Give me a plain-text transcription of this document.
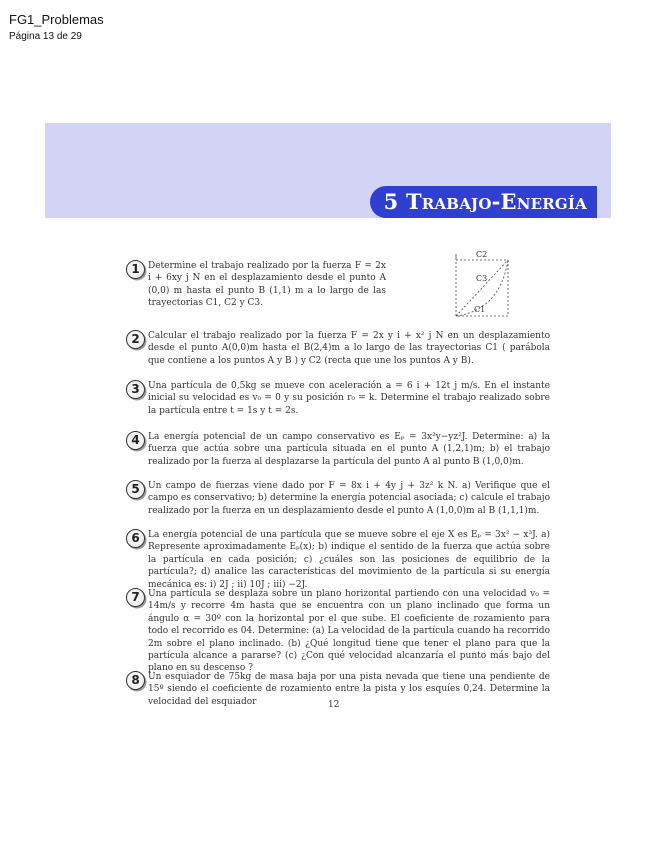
FG1_Problemas
Página 13 de 29
5 Trabajo-Energía
C2
C3
C1
1 Determine el trabajo realizado por la fuerza F = 2x i + 6xy j N en el desplazamiento desde el punto A (0,0) m hasta el punto B (1,1) m a lo largo de las trayectorias C1, C2 y C3.
2 Calcular el trabajo realizado por la fuerza F = 2x y i + x² j N en un desplazamiento desde el punto A(0,0)m hasta el B(2,4)m a lo largo de las trayectorias C1 ( parábola que contiene a los puntos A y B ) y C2 (recta que une los puntos A y B).
3 Una partícula de 0,5kg se mueve con aceleración a = 6 i + 12t j m/s. En el instante inicial su velocidad es v₀ = 0 y su posición r₀ = k. Determine el trabajo realizado sobre la partícula entre t = 1s y t = 2s.
4 La energía potencial de un campo conservativo es Eₚ = 3x²y−yz²J. Determine: a) la fuerza que actúa sobre una partícula situada en el punto A (1,2,1)m; b) el trabajo realizado por la fuerza al desplazarse la partícula del punto A al punto B (1,0,0)m.
5 Un campo de fuerzas viene dado por F = 8x i + 4y j + 3z² k N. a) Verifique que el campo es conservativo; b) determine la energía potencial asociada; c) calcule el trabajo realizado por la fuerza en un desplazamiento desde el punto A (1,0,0)m al B (1,1,1)m.
6 La energía potencial de una partícula que se mueve sobre el eje X es Eₚ = 3x² − x³J. a) Represente aproximadamente Eₚ(x); b) indique el sentido de la fuerza que actúa sobre la partícula en cada posición; c) ¿cuáles son las posiciones de equilibrio de la partícula?; d) analice las características del movimiento de la partícula si su energía mecánica es: i) 2J ; ii) 10J ; iii) −2J.
7 Una partícula se desplaza sobre un plano horizontal partiendo con una velocidad v₀ = 14m/s y recorre 4m hasta que se encuentra con un plano inclinado que forma un ángulo α = 30º con la horizontal por el que sube. El coeficiente de rozamiento para todo el recorrido es 04. Determine: (a) La velocidad de la partícula cuando ha recorrido 2m sobre el plano inclinado. (b) ¿Qué longitud tiene que tener el plano para que la partícula alcance a pararse? (c) ¿Con qué velocidad alcanzaría el punto más bajo del plano en su descenso ?
8 Un esquiador de 75kg de masa baja por una pista nevada que tiene una pendiente de 15º siendo el coeficiente de rozamiento entre la pista y los esquíes 0,24. Determine la velocidad del esquiador	12
